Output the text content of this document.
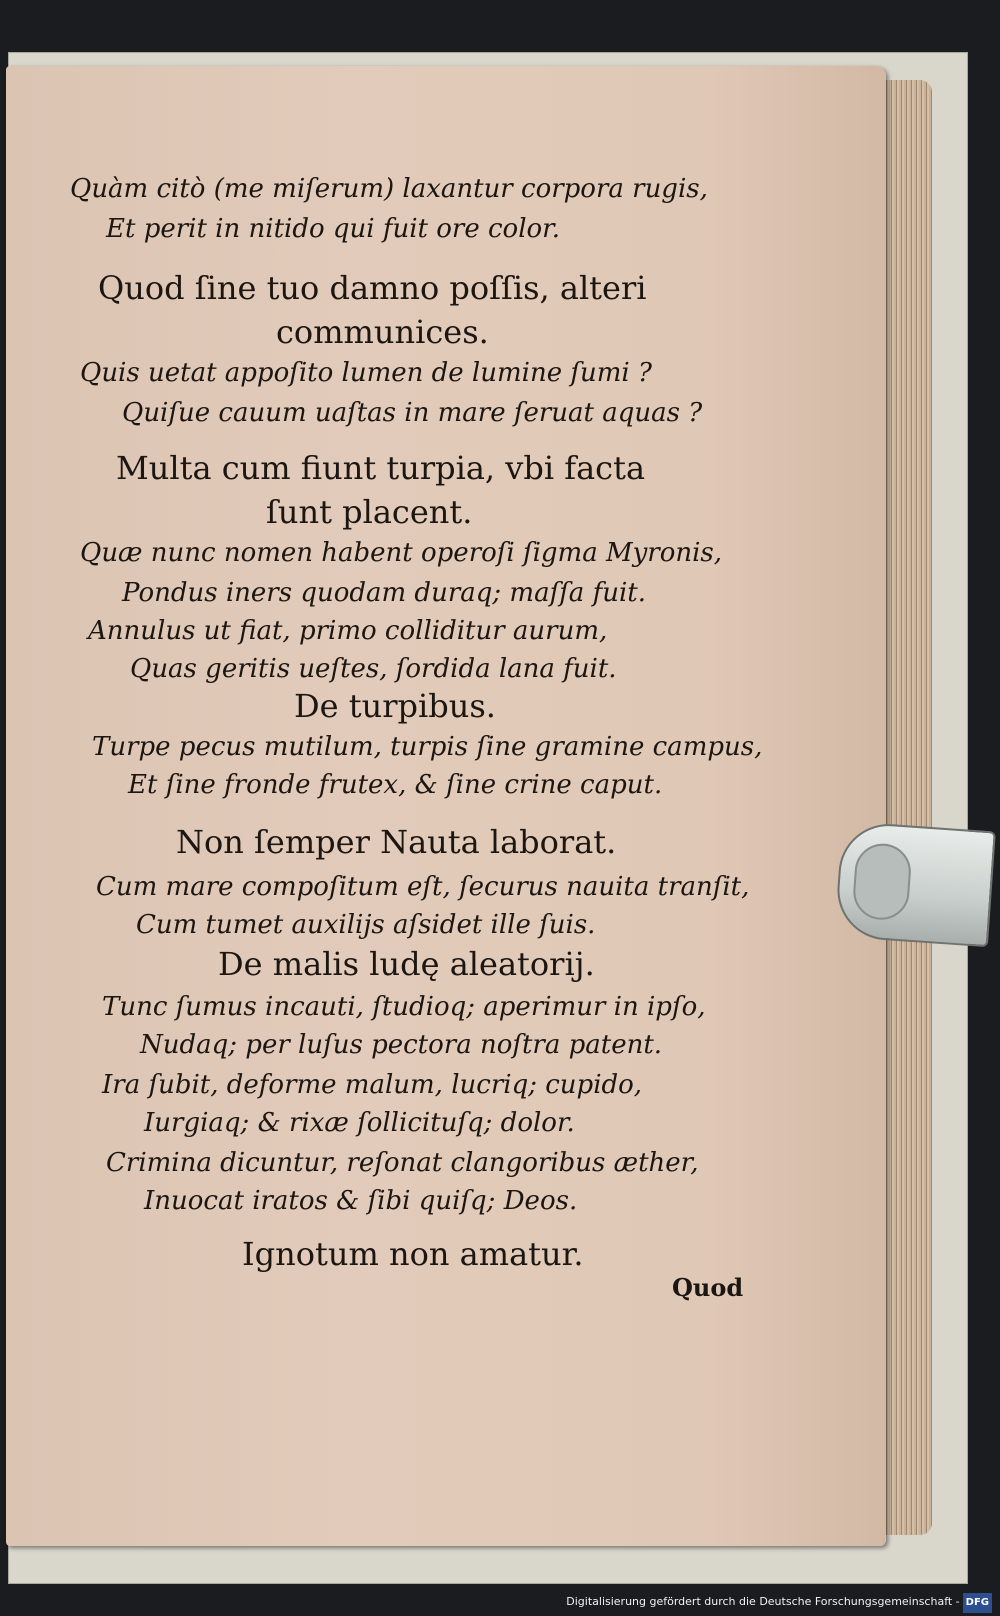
Quàm citò (me miſerum) laxantur corpora rugis,
Et perit in nitido qui fuit ore color.
Quod ſine tuo damno poſſis, alteri
communices.
Quis uetat appoſito lumen de lumine ſumi ?
Quiſue cauum uaſtas in mare ſeruat aquas ?
Multa cum fiunt turpia, vbi facta
ſunt placent.
Quæ nunc nomen habent operoſi ſigma Myronis,
Pondus iners quodam duraq; maſſa fuit.
Annulus ut fiat, primo colliditur aurum,
Quas geritis ueſtes, ſordida lana fuit.
De turpibus.
Turpe pecus mutilum, turpis ſine gramine campus,
Et ſine fronde frutex, & ſine crine caput.
Non ſemper Nauta laborat.
Cum mare compoſitum eſt, ſecurus nauita tranſit,
Cum tumet auxilijs aſsidet ille ſuis.
De malis ludę aleatorij.
Tunc ſumus incauti, ſtudioq; aperimur in ipſo,
Nudaq; per luſus pectora noſtra patent.
Ira ſubit, deforme malum, lucriq; cupido,
Iurgiaq; & rixæ ſollicituſq; dolor.
Crimina dicuntur, reſonat clangoribus æther,
Inuocat iratos & ſibi quiſq; Deos.
Ignotum non amatur.
Quod
Digitalisierung gefördert durch die Deutsche Forschungsgemeinschaft - DFG
